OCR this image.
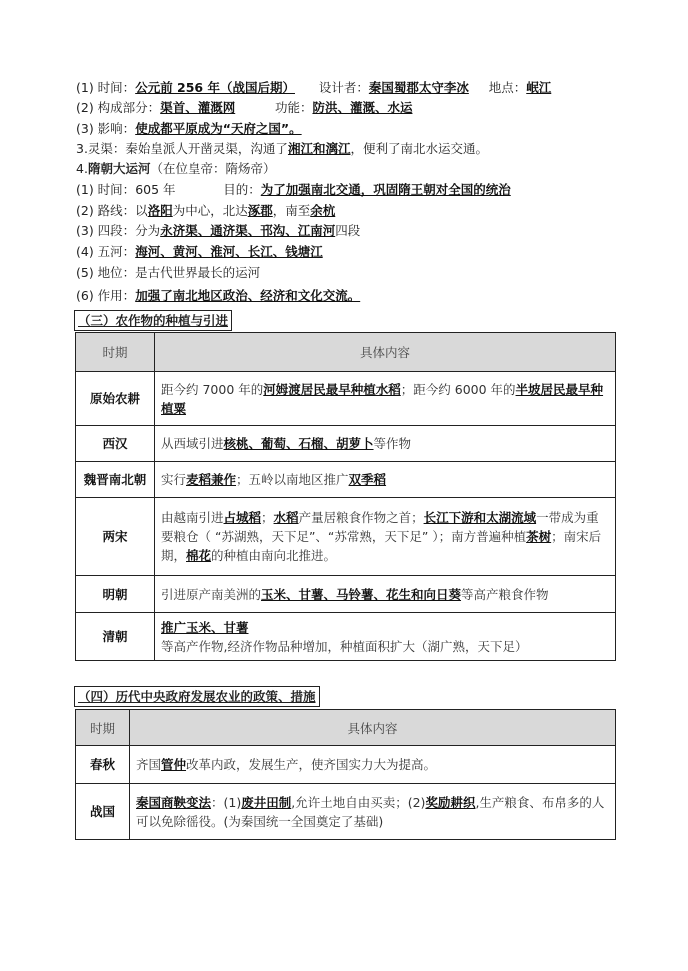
(1) 时间：公元前 256 年（战国后期） 设计者：秦国蜀郡太守李冰 地点：岷江
(2) 构成部分：渠首、灌溉网	功能：防洪、灌溉、水运
(3) 影响：使成都平原成为“天府之国”。
3.灵渠：秦始皇派人开凿灵渠，沟通了湘江和漓江，便利了南北水运交通。
4.隋朝大运河（在位皇帝：隋炀帝）
(1) 时间：605 年	目的：为了加强南北交通，巩固隋王朝对全国的统治
(2) 路线：以洛阳为中心，北达涿郡，南至余杭
(3) 四段：分为永济渠、通济渠、邗沟、江南河四段
(4) 五河：海河、黄河、淮河、长江、钱塘江
(5) 地位：是古代世界最长的运河
(6) 作用：加强了南北地区政治、经济和文化交流。
（三）农作物的种植与引进
时期	具体内容
原始农耕	距今约 7000 年的河姆渡居民最早种植水稻；距今约 6000 年的半坡居民最早种植粟
西汉	从西域引进核桃、葡萄、石榴、胡萝卜等作物
魏晋南北朝	实行麦稻兼作；五岭以南地区推广双季稻
两宋	由越南引进占城稻；水稻产量居粮食作物之首；长江下游和太湖流域一带成为重要粮仓（ “苏湖熟，天下足”、“苏常熟，天下足” ）；南方普遍种植茶树；南宋后期，棉花的种植由南向北推进。
明朝	引进原产南美洲的玉米、甘薯、马铃薯、花生和向日葵等高产粮食作物
清朝	推广玉米、甘薯等高产作物,经济作物品种增加，种植面积扩大（湖广熟，天下足）
（四）历代中央政府发展农业的政策、措施
时期	具体内容
春秋	齐国管仲改革内政，发展生产，使齐国实力大为提高。
战国	秦国商鞅变法：(1)废井田制,允许土地自由买卖；(2)奖励耕织,生产粮食、布帛多的人可以免除徭役。(为秦国统一全国奠定了基础)
